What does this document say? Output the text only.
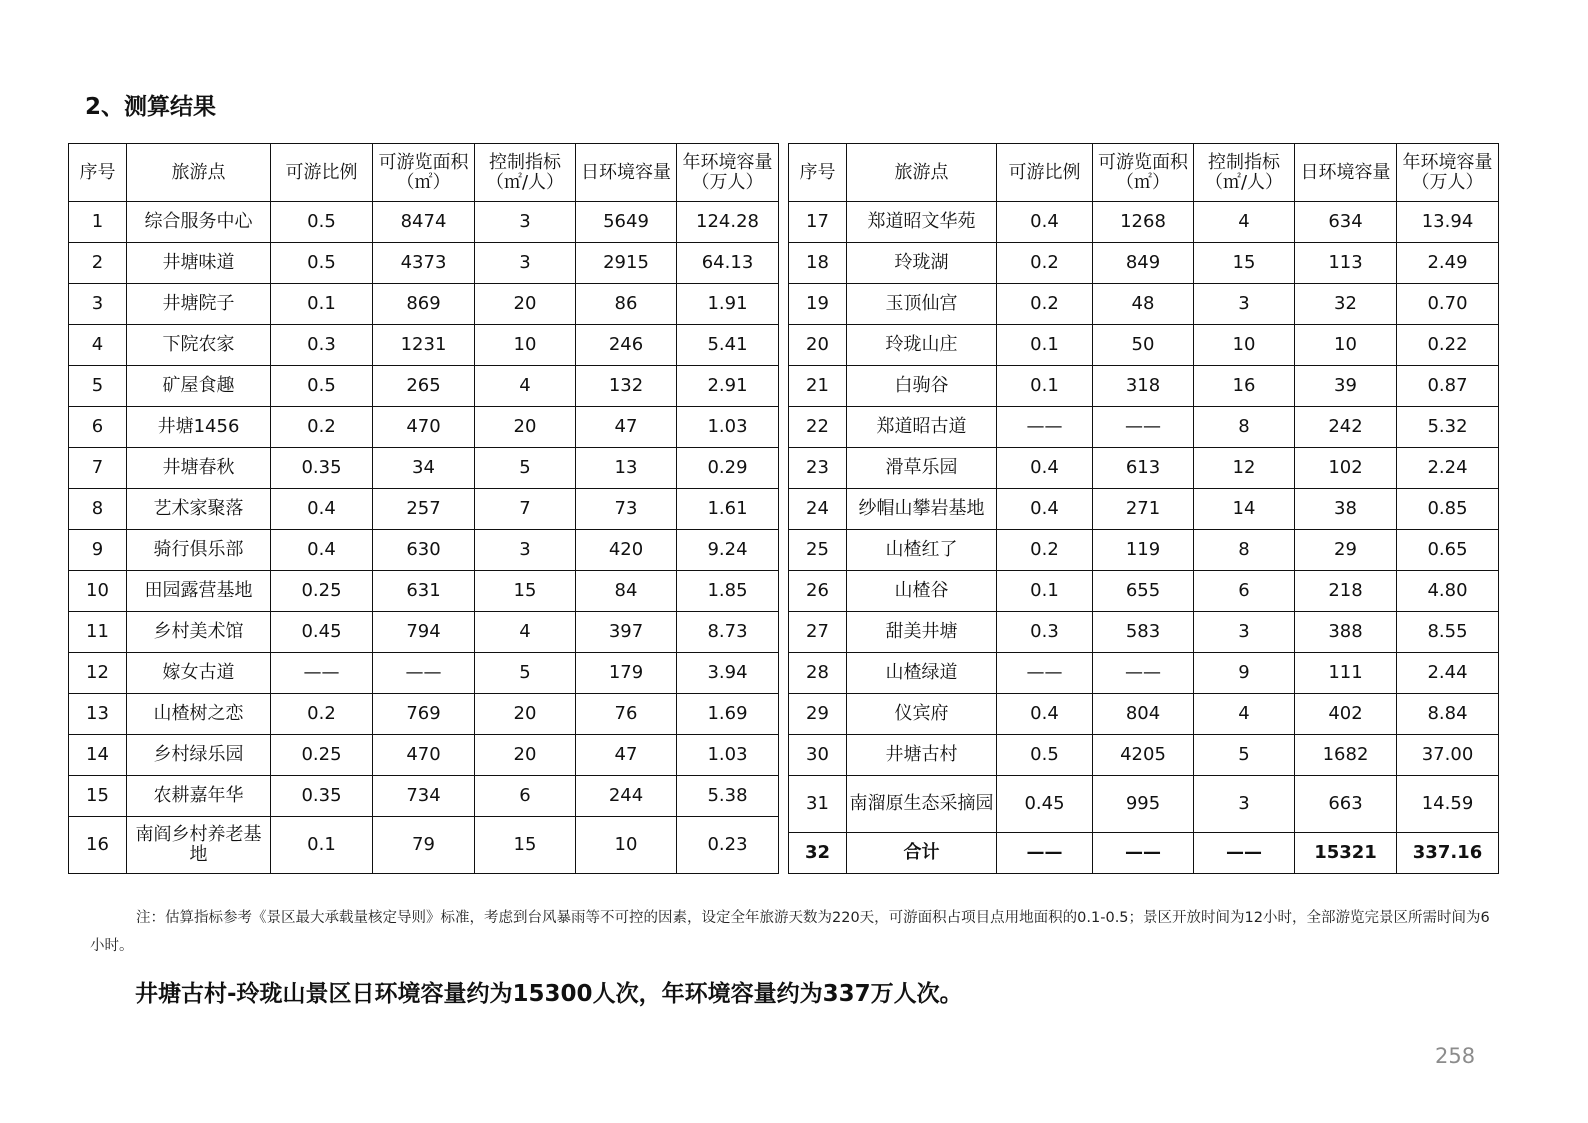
2、测算结果
序号	旅游点	可游比例	可游览面积（㎡）	控制指标（㎡/人）	日环境容量	年环境容量（万人）
1	综合服务中心	0.5	8474	3	5649	124.28
2	井塘味道	0.5	4373	3	2915	64.13
3	井塘院子	0.1	869	20	86	1.91
4	下院农家	0.3	1231	10	246	5.41
5	矿屋食趣	0.5	265	4	132	2.91
6	井塘1456	0.2	470	20	47	1.03
7	井塘春秋	0.35	34	5	13	0.29
8	艺术家聚落	0.4	257	7	73	1.61
9	骑行俱乐部	0.4	630	3	420	9.24
10	田园露营基地	0.25	631	15	84	1.85
11	乡村美术馆	0.45	794	4	397	8.73
12	嫁女古道	——	——	5	179	3.94
13	山楂树之恋	0.2	769	20	76	1.69
14	乡村绿乐园	0.25	470	20	47	1.03
15	农耕嘉年华	0.35	734	6	244	5.38
16	南阎乡村养老基地	0.1	79	15	10	0.23
序号	旅游点	可游比例	可游览面积（㎡）	控制指标（㎡/人）	日环境容量	年环境容量（万人）
17	郑道昭文华苑	0.4	1268	4	634	13.94
18	玲珑湖	0.2	849	15	113	2.49
19	玉顶仙宫	0.2	48	3	32	0.70
20	玲珑山庄	0.1	50	10	10	0.22
21	白驹谷	0.1	318	16	39	0.87
22	郑道昭古道	——	——	8	242	5.32
23	滑草乐园	0.4	613	12	102	2.24
24	纱帽山攀岩基地	0.4	271	14	38	0.85
25	山楂红了	0.2	119	8	29	0.65
26	山楂谷	0.1	655	6	218	4.80
27	甜美井塘	0.3	583	3	388	8.55
28	山楂绿道	——	——	9	111	2.44
29	仪宾府	0.4	804	4	402	8.84
30	井塘古村	0.5	4205	5	1682	37.00
31	南溜原生态采摘园	0.45	995	3	663	14.59
32	合计	——	——	——	15321	337.16
注：估算指标参考《景区最大承载量核定导则》标准，考虑到台风暴雨等不可控的因素，设定全年旅游天数为220天，可游面积占项目点用地面积的0.1-0.5；景区开放时间为12小时，全部游览完景区所需时间为6小时。
井塘古村-玲珑山景区日环境容量约为15300人次，年环境容量约为337万人次。
258
